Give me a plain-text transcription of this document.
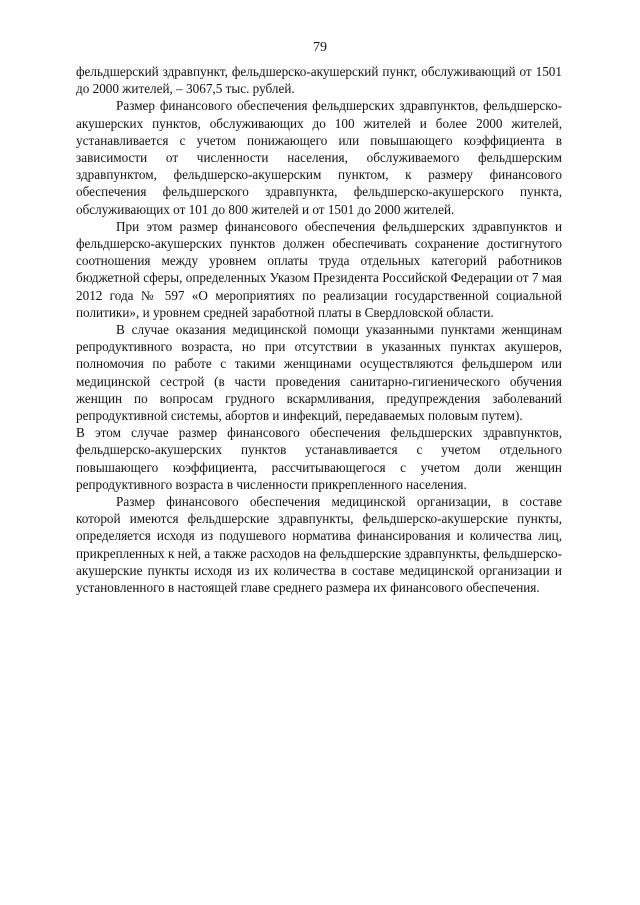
79

фельдшерский здравпункт, фельдшерско-акушерский пункт, обслуживающий от 1501 до 2000 жителей, – 3067,5 тыс. рублей.

Размер финансового обеспечения фельдшерских здравпунктов, фельдшерско-акушерских пунктов, обслуживающих до 100 жителей и более 2000 жителей, устанавливается с учетом понижающего или повышающего коэффициента в зависимости от численности населения, обслуживаемого фельдшерским здравпунктом, фельдшерско-акушерским пунктом, к размеру финансового обеспечения фельдшерского здравпункта, фельдшерско-акушерского пункта, обслуживающих от 101 до 800 жителей и от 1501 до 2000 жителей.

При этом размер финансового обеспечения фельдшерских здравпунктов и фельдшерско-акушерских пунктов должен обеспечивать сохранение достигнутого соотношения между уровнем оплаты труда отдельных категорий работников бюджетной сферы, определенных Указом Президента Российской Федерации от 7 мая 2012 года № 597 «О мероприятиях по реализации государственной социальной политики», и уровнем средней заработной платы в Свердловской области.

В случае оказания медицинской помощи указанными пунктами женщинам репродуктивного возраста, но при отсутствии в указанных пунктах акушеров, полномочия по работе с такими женщинами осуществляются фельдшером или медицинской сестрой (в части проведения санитарно-гигиенического обучения женщин по вопросам грудного вскармливания, предупреждения заболеваний репродуктивной системы, абортов и инфекций, передаваемых половым путем).

В этом случае размер финансового обеспечения фельдшерских здравпунктов, фельдшерско-акушерских пунктов устанавливается с учетом отдельного повышающего коэффициента, рассчитывающегося с учетом доли женщин репродуктивного возраста в численности прикрепленного населения.

Размер финансового обеспечения медицинской организации, в составе которой имеются фельдшерские здравпункты, фельдшерско-акушерские пункты, определяется исходя из подушевого норматива финансирования и количества лиц, прикрепленных к ней, а также расходов на фельдшерские здравпункты, фельдшерско-акушерские пункты исходя из их количества в составе медицинской организации и установленного в настоящей главе среднего размера их финансового обеспечения.
